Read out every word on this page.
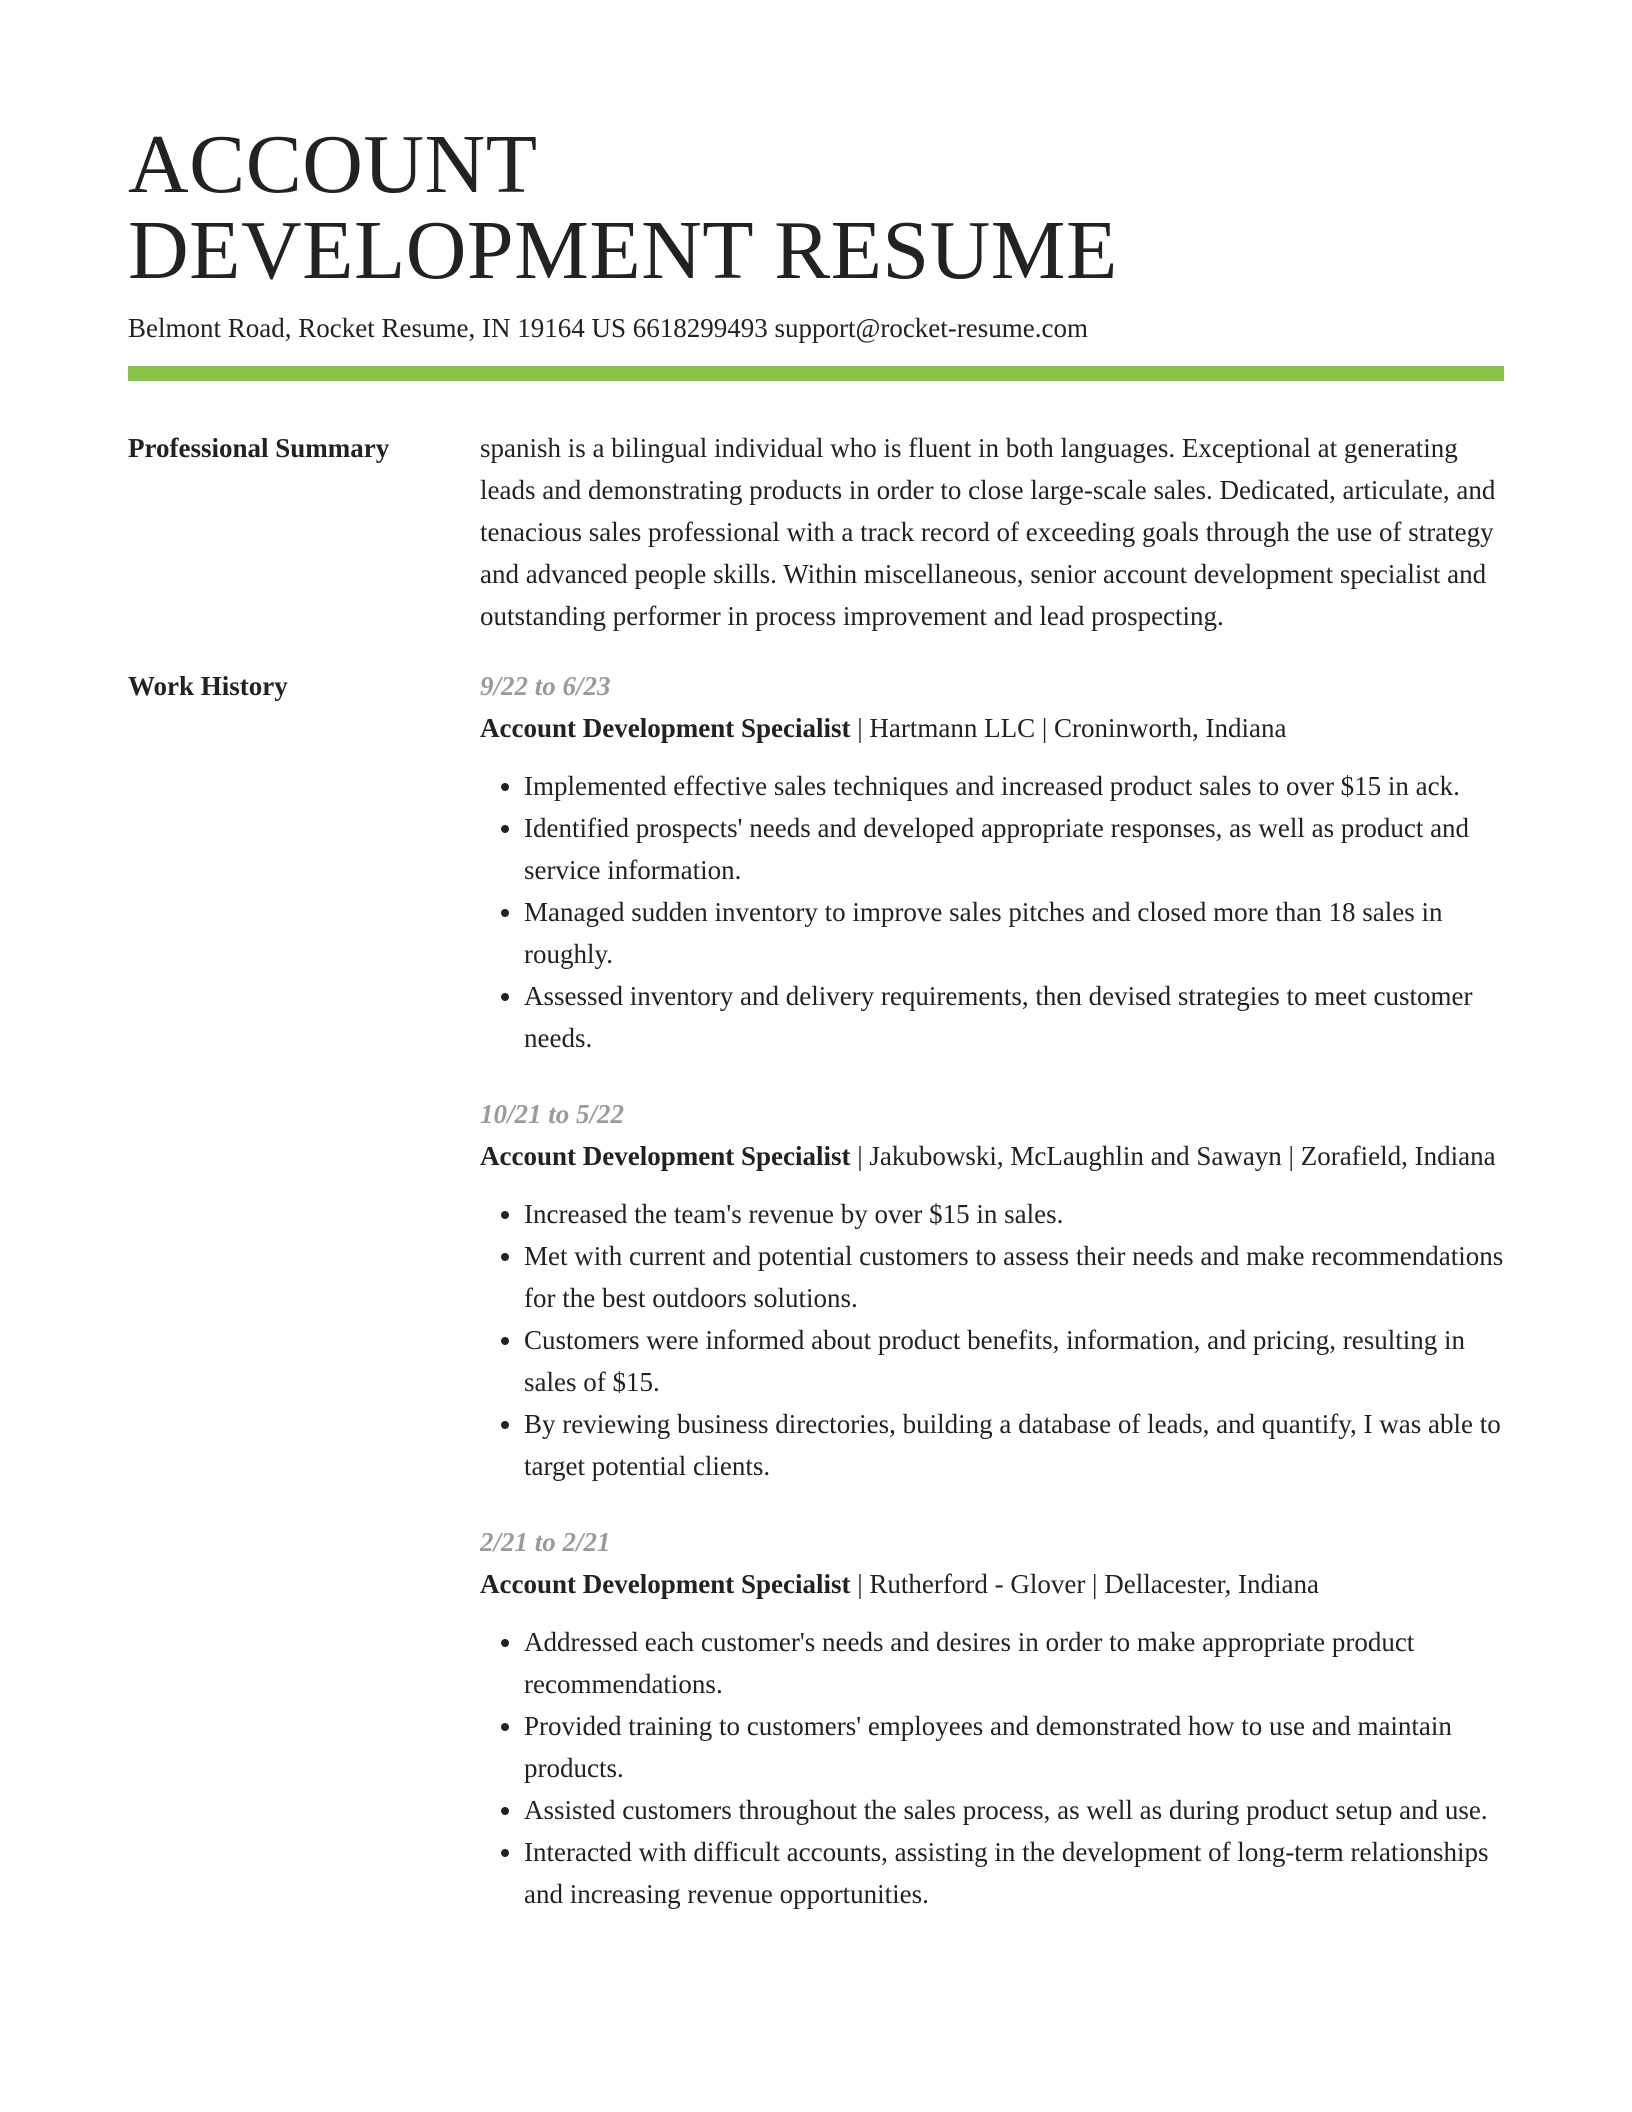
ACCOUNT
DEVELOPMENT RESUME
Belmont Road, Rocket Resume, IN 19164 US 6618299493 support@rocket-resume.com
Professional Summary	spanish is a bilingual individual who is fluent in both languages. Exceptional at generating leads and demonstrating products in order to close large-scale sales. Dedicated, articulate, and tenacious sales professional with a track record of exceeding goals through the use of strategy and advanced people skills. Within miscellaneous, senior account development specialist and outstanding performer in process improvement and lead prospecting.
Work History	9/22 to 6/23
Account Development Specialist | Hartmann LLC | Croninworth, Indiana
• Implemented effective sales techniques and increased product sales to over $15 in ack.
• Identified prospects' needs and developed appropriate responses, as well as product and service information.
• Managed sudden inventory to improve sales pitches and closed more than 18 sales in roughly.
• Assessed inventory and delivery requirements, then devised strategies to meet customer needs.
10/21 to 5/22
Account Development Specialist | Jakubowski, McLaughlin and Sawayn | Zorafield, Indiana
• Increased the team's revenue by over $15 in sales.
• Met with current and potential customers to assess their needs and make recommendations for the best outdoors solutions.
• Customers were informed about product benefits, information, and pricing, resulting in sales of $15.
• By reviewing business directories, building a database of leads, and quantify, I was able to target potential clients.
2/21 to 2/21
Account Development Specialist | Rutherford - Glover | Dellacester, Indiana
• Addressed each customer's needs and desires in order to make appropriate product recommendations.
• Provided training to customers' employees and demonstrated how to use and maintain products.
• Assisted customers throughout the sales process, as well as during product setup and use.
• Interacted with difficult accounts, assisting in the development of long-term relationships and increasing revenue opportunities.
